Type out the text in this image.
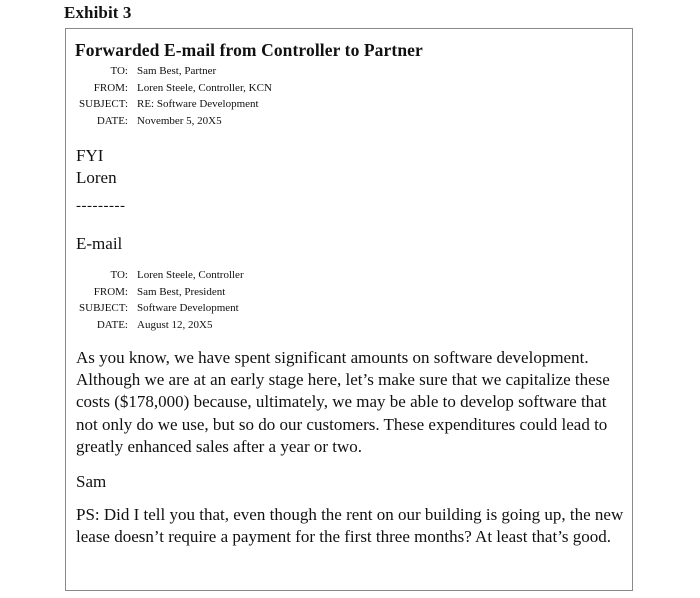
Exhibit 3
Forwarded E-mail from Controller to Partner
TO: Sam Best, Partner
FROM: Loren Steele, Controller, KCN
SUBJECT: RE: Software Development
DATE: November 5, 20X5
FYI
Loren
---------
E-mail
TO: Loren Steele, Controller
FROM: Sam Best, President
SUBJECT: Software Development
DATE: August 12, 20X5
As you know, we have spent significant amounts on software development. Although we are at an early stage here, let’s make sure that we capitalize these costs ($178,000) because, ultimately, we may be able to develop software that not only do we use, but so do our customers. These expenditures could lead to greatly enhanced sales after a year or two.
Sam
PS: Did I tell you that, even though the rent on our building is going up, the new lease doesn’t require a payment for the first three months? At least that’s good.
